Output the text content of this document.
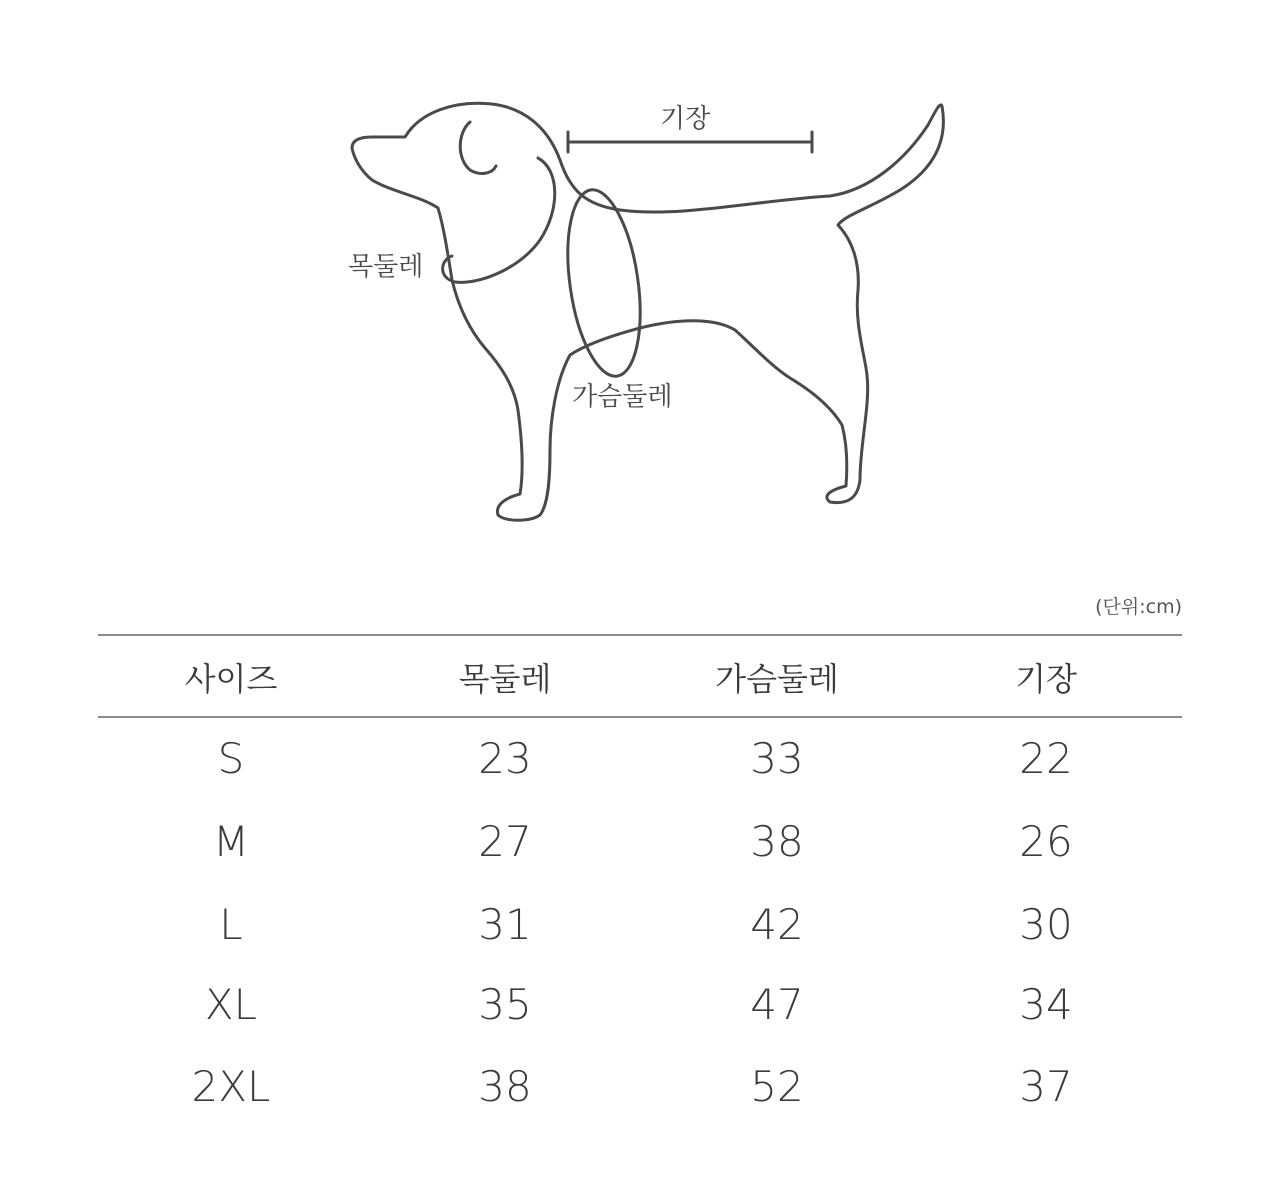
기장
목둘레
가슴둘레
(단위:cm)
사이즈	목둘레	가슴둘레	기장
S	23	33	22
M	27	38	26
L	31	42	30
XL	35	47	34
2XL	38	52	37
